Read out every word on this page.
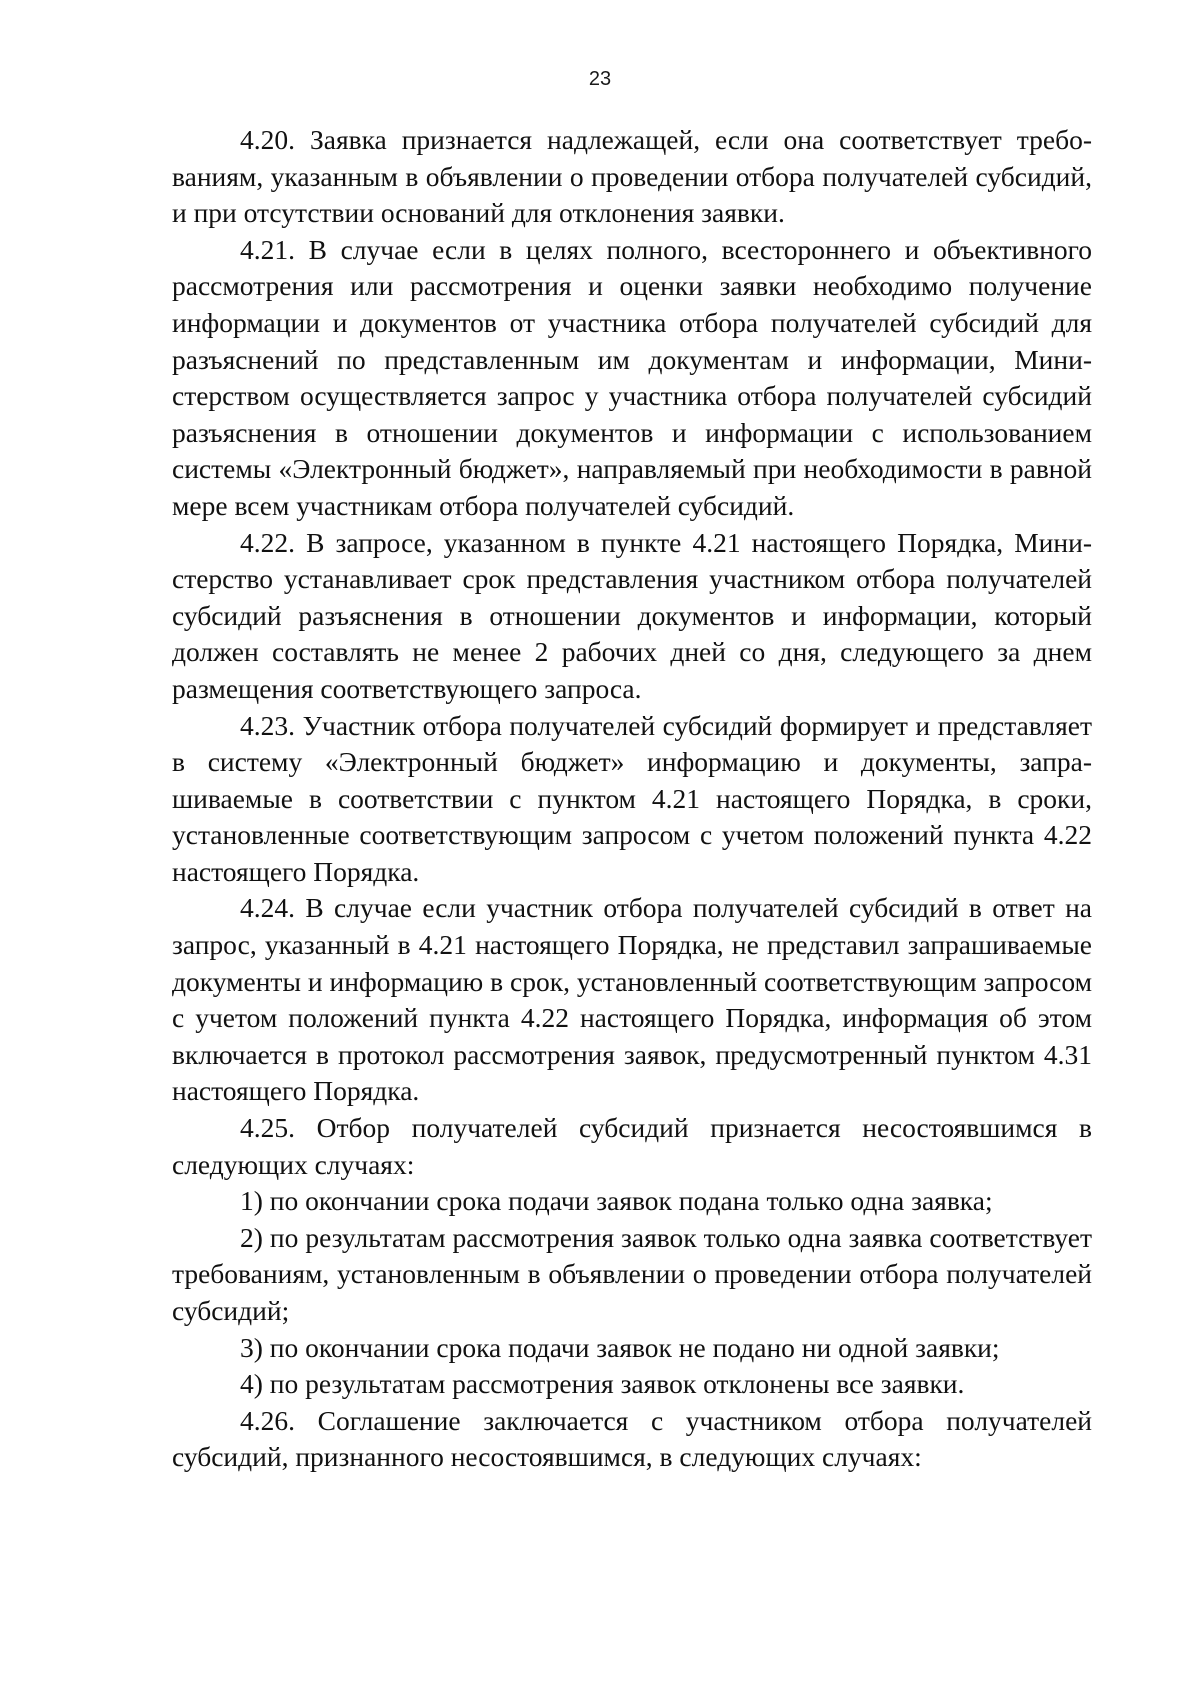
23

4.20. Заявка признается надлежащей, если она соответствует требованиям, указанным в объявлении о проведении отбора получателей субсидий, и при отсутствии оснований для отклонения заявки.

4.21. В случае если в целях полного, всестороннего и объективного рассмотрения или рассмотрения и оценки заявки необходимо получение информации и документов от участника отбора получателей субсидий для разъяснений по представленным им документам и информации, Министерством осуществляется запрос у участника отбора получателей субсидий разъяснения в отношении документов и информации с использованием системы «Электронный бюджет», направляемый при необходимости в равной мере всем участникам отбора получателей субсидий.

4.22. В запросе, указанном в пункте 4.21 настоящего Порядка, Министерство устанавливает срок представления участником отбора получателей субсидий разъяснения в отношении документов и информации, который должен составлять не менее 2 рабочих дней со дня, следующего за днем размещения соответствующего запроса.

4.23. Участник отбора получателей субсидий формирует и представляет в систему «Электронный бюджет» информацию и документы, запрашиваемые в соответствии с пунктом 4.21 настоящего Порядка, в сроки, установленные соответствующим запросом с учетом положений пункта 4.22 настоящего Порядка.

4.24. В случае если участник отбора получателей субсидий в ответ на запрос, указанный в 4.21 настоящего Порядка, не представил запрашиваемые документы и информацию в срок, установленный соответствующим запросом с учетом положений пункта 4.22 настоящего Порядка, информация об этом включается в протокол рассмотрения заявок, предусмотренный пунктом 4.31 настоящего Порядка.

4.25. Отбор получателей субсидий признается несостоявшимся в следующих случаях:

1) по окончании срока подачи заявок подана только одна заявка;

2) по результатам рассмотрения заявок только одна заявка соответствует требованиям, установленным в объявлении о проведении отбора получателей субсидий;

3) по окончании срока подачи заявок не подано ни одной заявки;

4) по результатам рассмотрения заявок отклонены все заявки.

4.26. Соглашение заключается с участником отбора получателей субсидий, признанного несостоявшимся, в следующих случаях:
